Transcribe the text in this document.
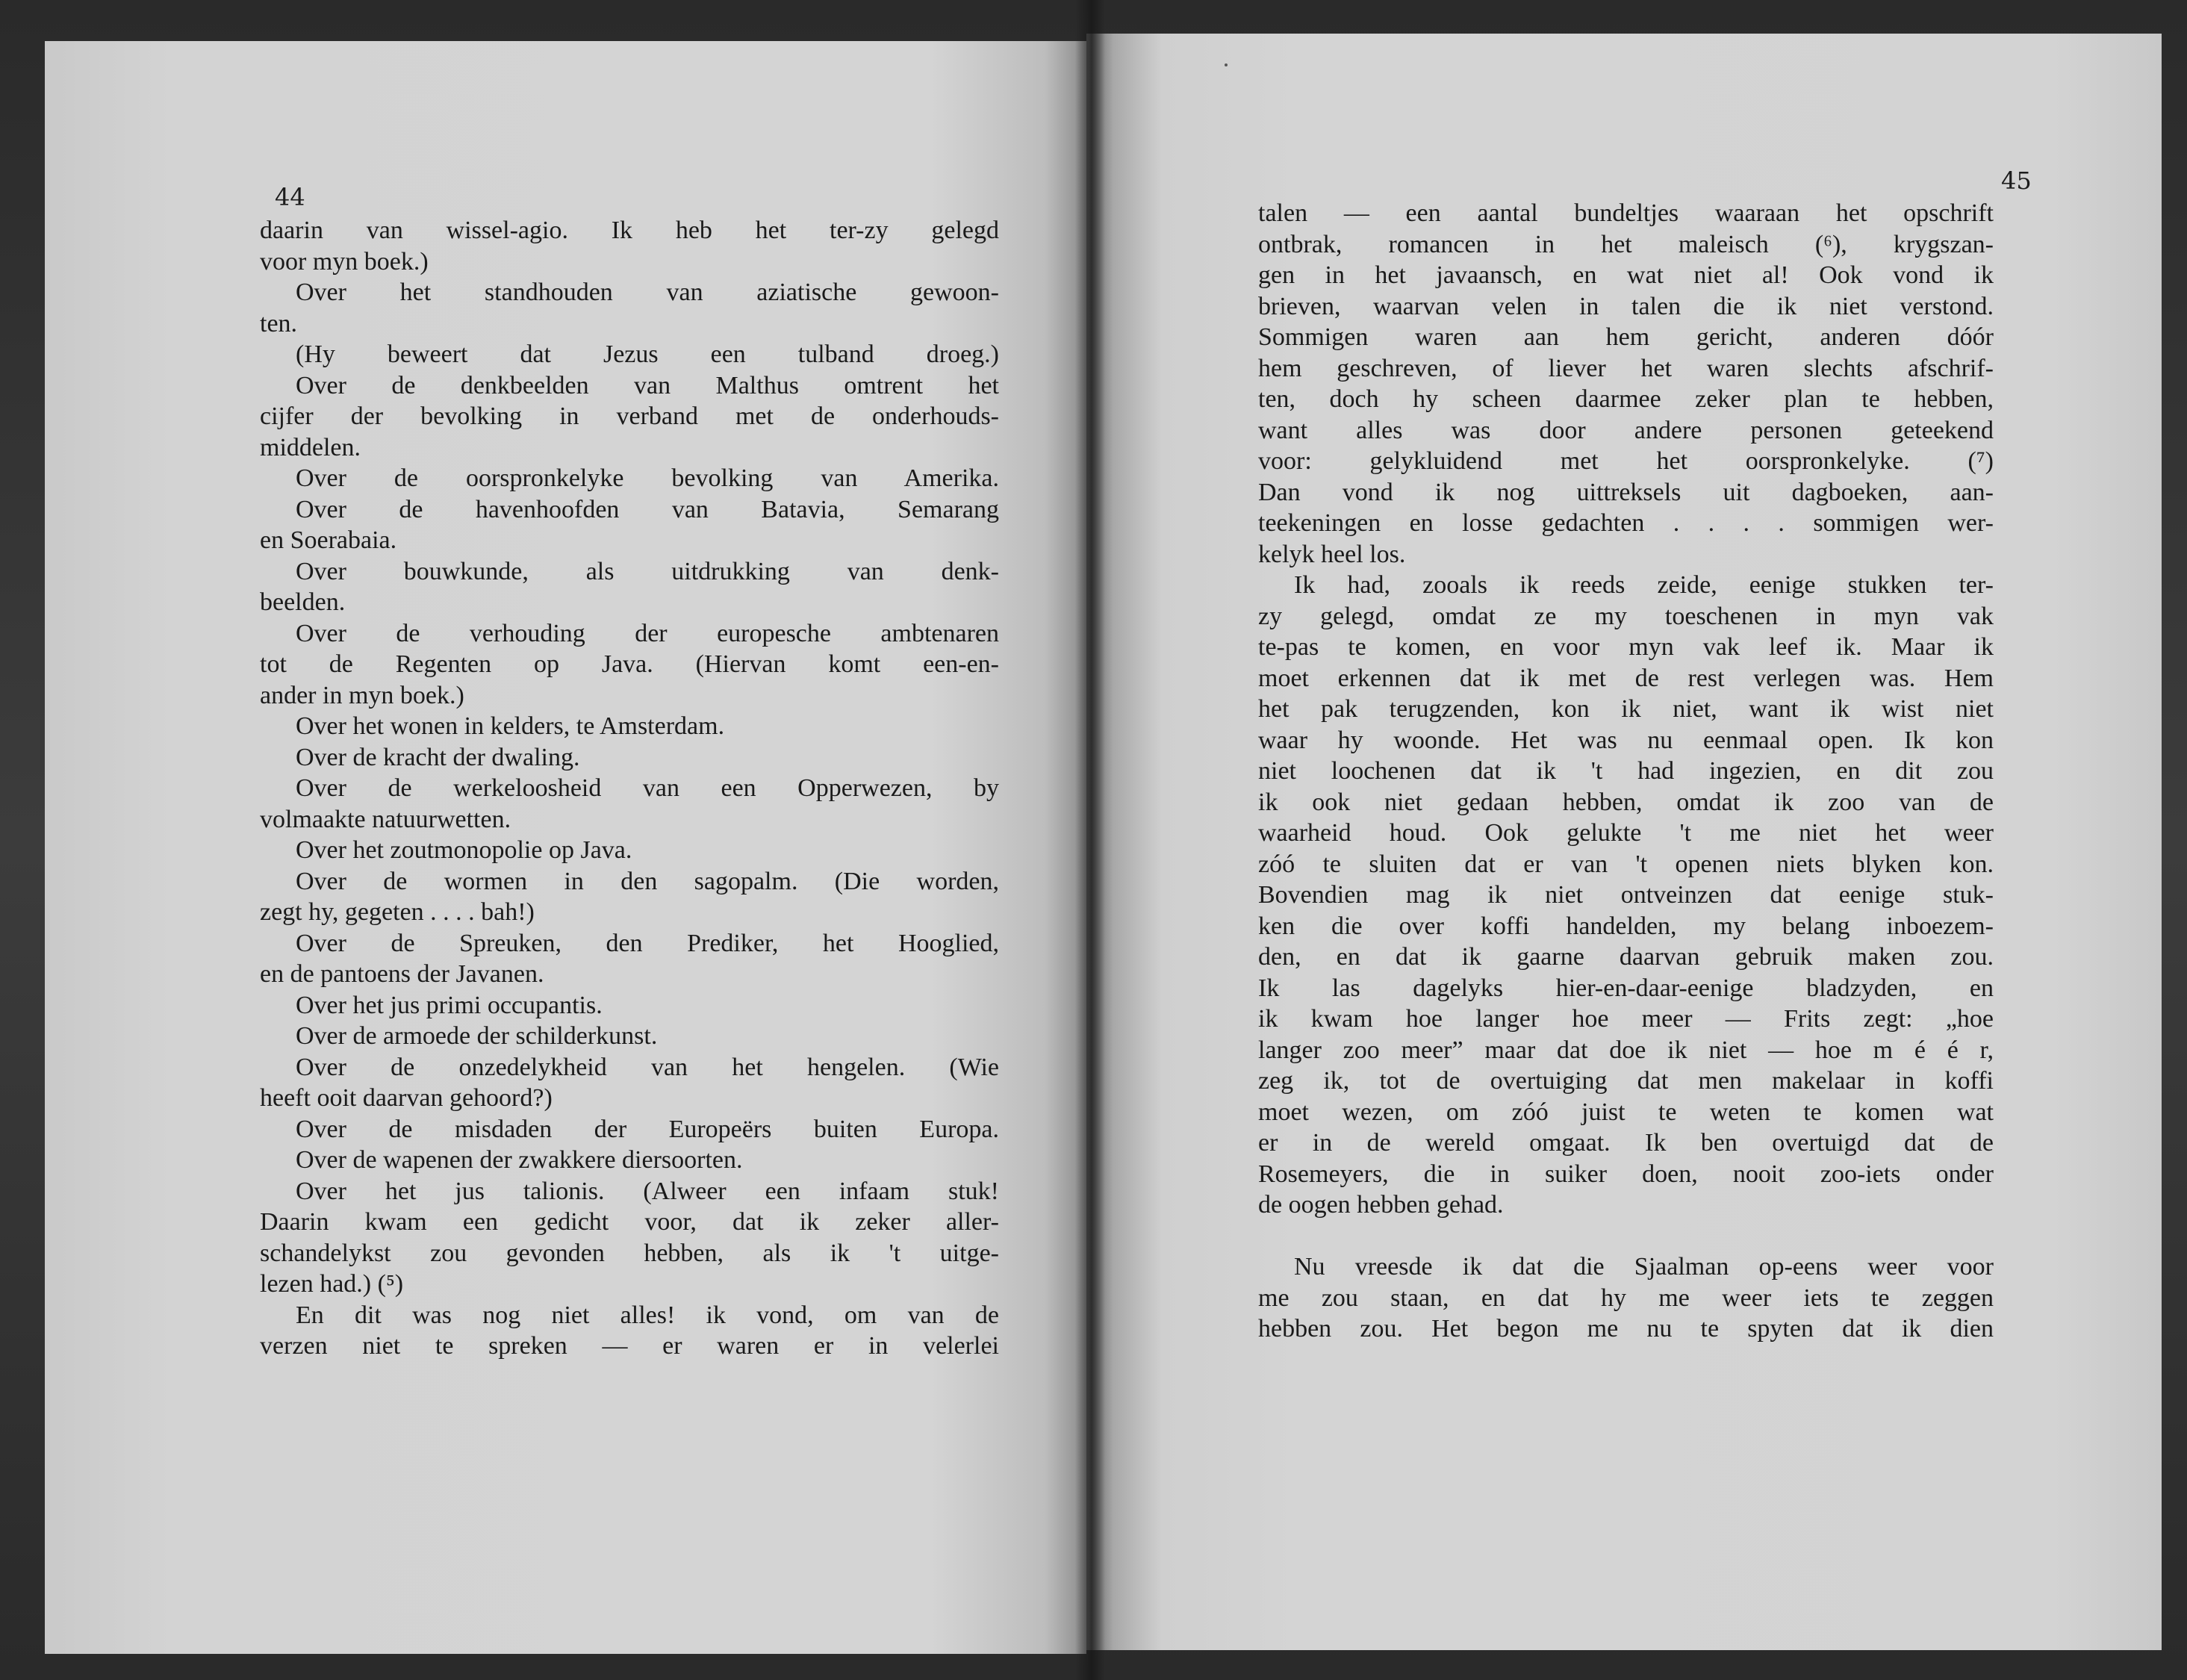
44
daarin van wissel-agio. Ik heb het ter-zy gelegd
voor myn boek.)
Over het standhouden van aziatische gewoon-
ten.
(Hy beweert dat Jezus een tulband droeg.)
Over de denkbeelden van Malthus omtrent het
cijfer der bevolking in verband met de onderhouds-
middelen.
Over de oorspronkelyke bevolking van Amerika.
Over de havenhoofden van Batavia, Semarang
en Soerabaia.
Over bouwkunde, als uitdrukking van denk-
beelden.
Over de verhouding der europesche ambtenaren
tot de Regenten op Java. (Hiervan komt een-en-
ander in myn boek.)
Over het wonen in kelders, te Amsterdam.
Over de kracht der dwaling.
Over de werkeloosheid van een Opperwezen, by
volmaakte natuurwetten.
Over het zoutmonopolie op Java.
Over de wormen in den sagopalm. (Die worden,
zegt hy, gegeten . . . . bah!)
Over de Spreuken, den Prediker, het Hooglied,
en de pantoens der Javanen.
Over het jus primi occupantis.
Over de armoede der schilderkunst.
Over de onzedelykheid van het hengelen. (Wie
heeft ooit daarvan gehoord?)
Over de misdaden der Europeërs buiten Europa.
Over de wapenen der zwakkere diersoorten.
Over het jus talionis. (Alweer een infaam stuk!
Daarin kwam een gedicht voor, dat ik zeker aller-
schandelykst zou gevonden hebben, als ik 't uitge-
lezen had.) (⁵)
En dit was nog niet alles! ik vond, om van de
verzen niet te spreken — er waren er in velerlei
45
talen — een aantal bundeltjes waaraan het opschrift
ontbrak, romancen in het maleisch (⁶), krygszan-
gen in het javaansch, en wat niet al! Ook vond ik
brieven, waarvan velen in talen die ik niet verstond.
Sommigen waren aan hem gericht, anderen dóór
hem geschreven, of liever het waren slechts afschrif-
ten, doch hy scheen daarmee zeker plan te hebben,
want alles was door andere personen geteekend
voor: gelykluidend met het oorspronkelyke. (⁷)
Dan vond ik nog uittreksels uit dagboeken, aan-
teekeningen en losse gedachten . . . . sommigen wer-
kelyk heel los.
Ik had, zooals ik reeds zeide, eenige stukken ter-
zy gelegd, omdat ze my toeschenen in myn vak
te-pas te komen, en voor myn vak leef ik. Maar ik
moet erkennen dat ik met de rest verlegen was. Hem
het pak terugzenden, kon ik niet, want ik wist niet
waar hy woonde. Het was nu eenmaal open. Ik kon
niet loochenen dat ik 't had ingezien, en dit zou
ik ook niet gedaan hebben, omdat ik zoo van de
waarheid houd. Ook gelukte 't me niet het weer
zóó te sluiten dat er van 't openen niets blyken kon.
Bovendien mag ik niet ontveinzen dat eenige stuk-
ken die over koffi handelden, my belang inboezem-
den, en dat ik gaarne daarvan gebruik maken zou.
Ik las dagelyks hier-en-daar-eenige bladzyden, en
ik kwam hoe langer hoe meer — Frits zegt: „hoe
langer zoo meer” maar dat doe ik niet — hoe m é é r,
zeg ik, tot de overtuiging dat men makelaar in koffi
moet wezen, om zóó juist te weten te komen wat
er in de wereld omgaat. Ik ben overtuigd dat de
Rosemeyers, die in suiker doen, nooit zoo-iets onder
de oogen hebben gehad.
Nu vreesde ik dat die Sjaalman op-eens weer voor
me zou staan, en dat hy me weer iets te zeggen
hebben zou. Het begon me nu te spyten dat ik dien
